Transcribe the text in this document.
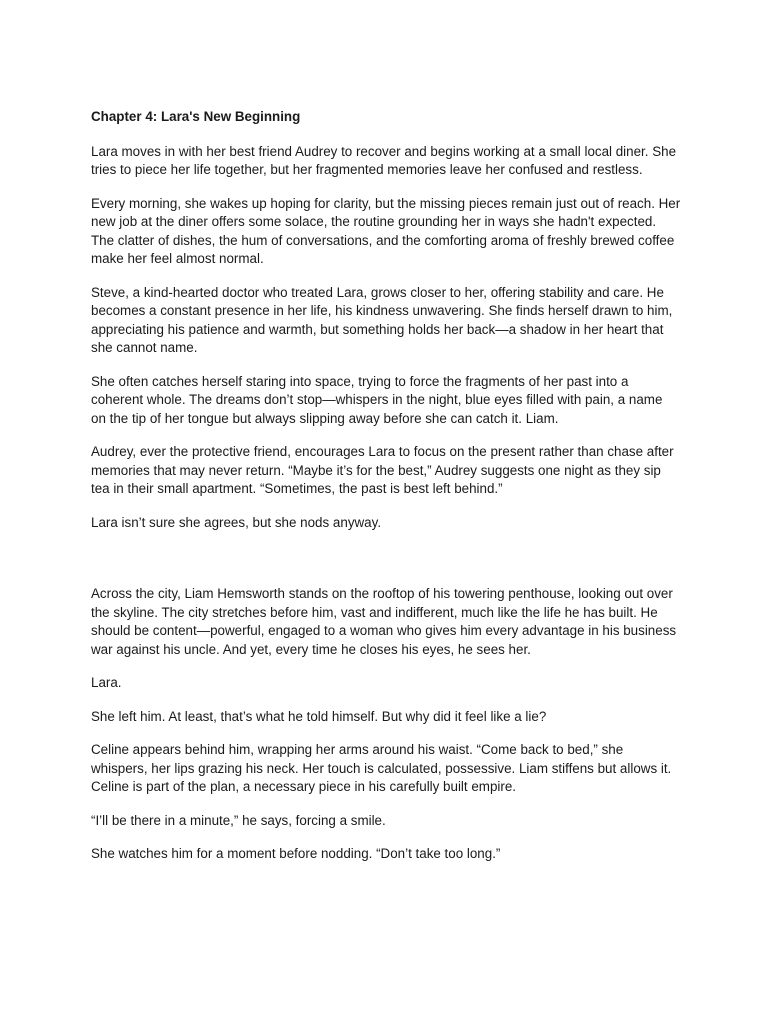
Chapter 4: Lara's New Beginning

Lara moves in with her best friend Audrey to recover and begins working at a small local diner. She tries to piece her life together, but her fragmented memories leave her confused and restless.

Every morning, she wakes up hoping for clarity, but the missing pieces remain just out of reach. Her new job at the diner offers some solace, the routine grounding her in ways she hadn't expected. The clatter of dishes, the hum of conversations, and the comforting aroma of freshly brewed coffee make her feel almost normal.

Steve, a kind-hearted doctor who treated Lara, grows closer to her, offering stability and care. He becomes a constant presence in her life, his kindness unwavering. She finds herself drawn to him, appreciating his patience and warmth, but something holds her back—a shadow in her heart that she cannot name.

She often catches herself staring into space, trying to force the fragments of her past into a coherent whole. The dreams don’t stop—whispers in the night, blue eyes filled with pain, a name on the tip of her tongue but always slipping away before she can catch it. Liam.

Audrey, ever the protective friend, encourages Lara to focus on the present rather than chase after memories that may never return. “Maybe it’s for the best,” Audrey suggests one night as they sip tea in their small apartment. “Sometimes, the past is best left behind.”

Lara isn’t sure she agrees, but she nods anyway.

Across the city, Liam Hemsworth stands on the rooftop of his towering penthouse, looking out over the skyline. The city stretches before him, vast and indifferent, much like the life he has built. He should be content—powerful, engaged to a woman who gives him every advantage in his business war against his uncle. And yet, every time he closes his eyes, he sees her.

Lara.

She left him. At least, that’s what he told himself. But why did it feel like a lie?

Celine appears behind him, wrapping her arms around his waist. “Come back to bed,” she whispers, her lips grazing his neck. Her touch is calculated, possessive. Liam stiffens but allows it. Celine is part of the plan, a necessary piece in his carefully built empire.

“I’ll be there in a minute,” he says, forcing a smile.

She watches him for a moment before nodding. “Don’t take too long.”
